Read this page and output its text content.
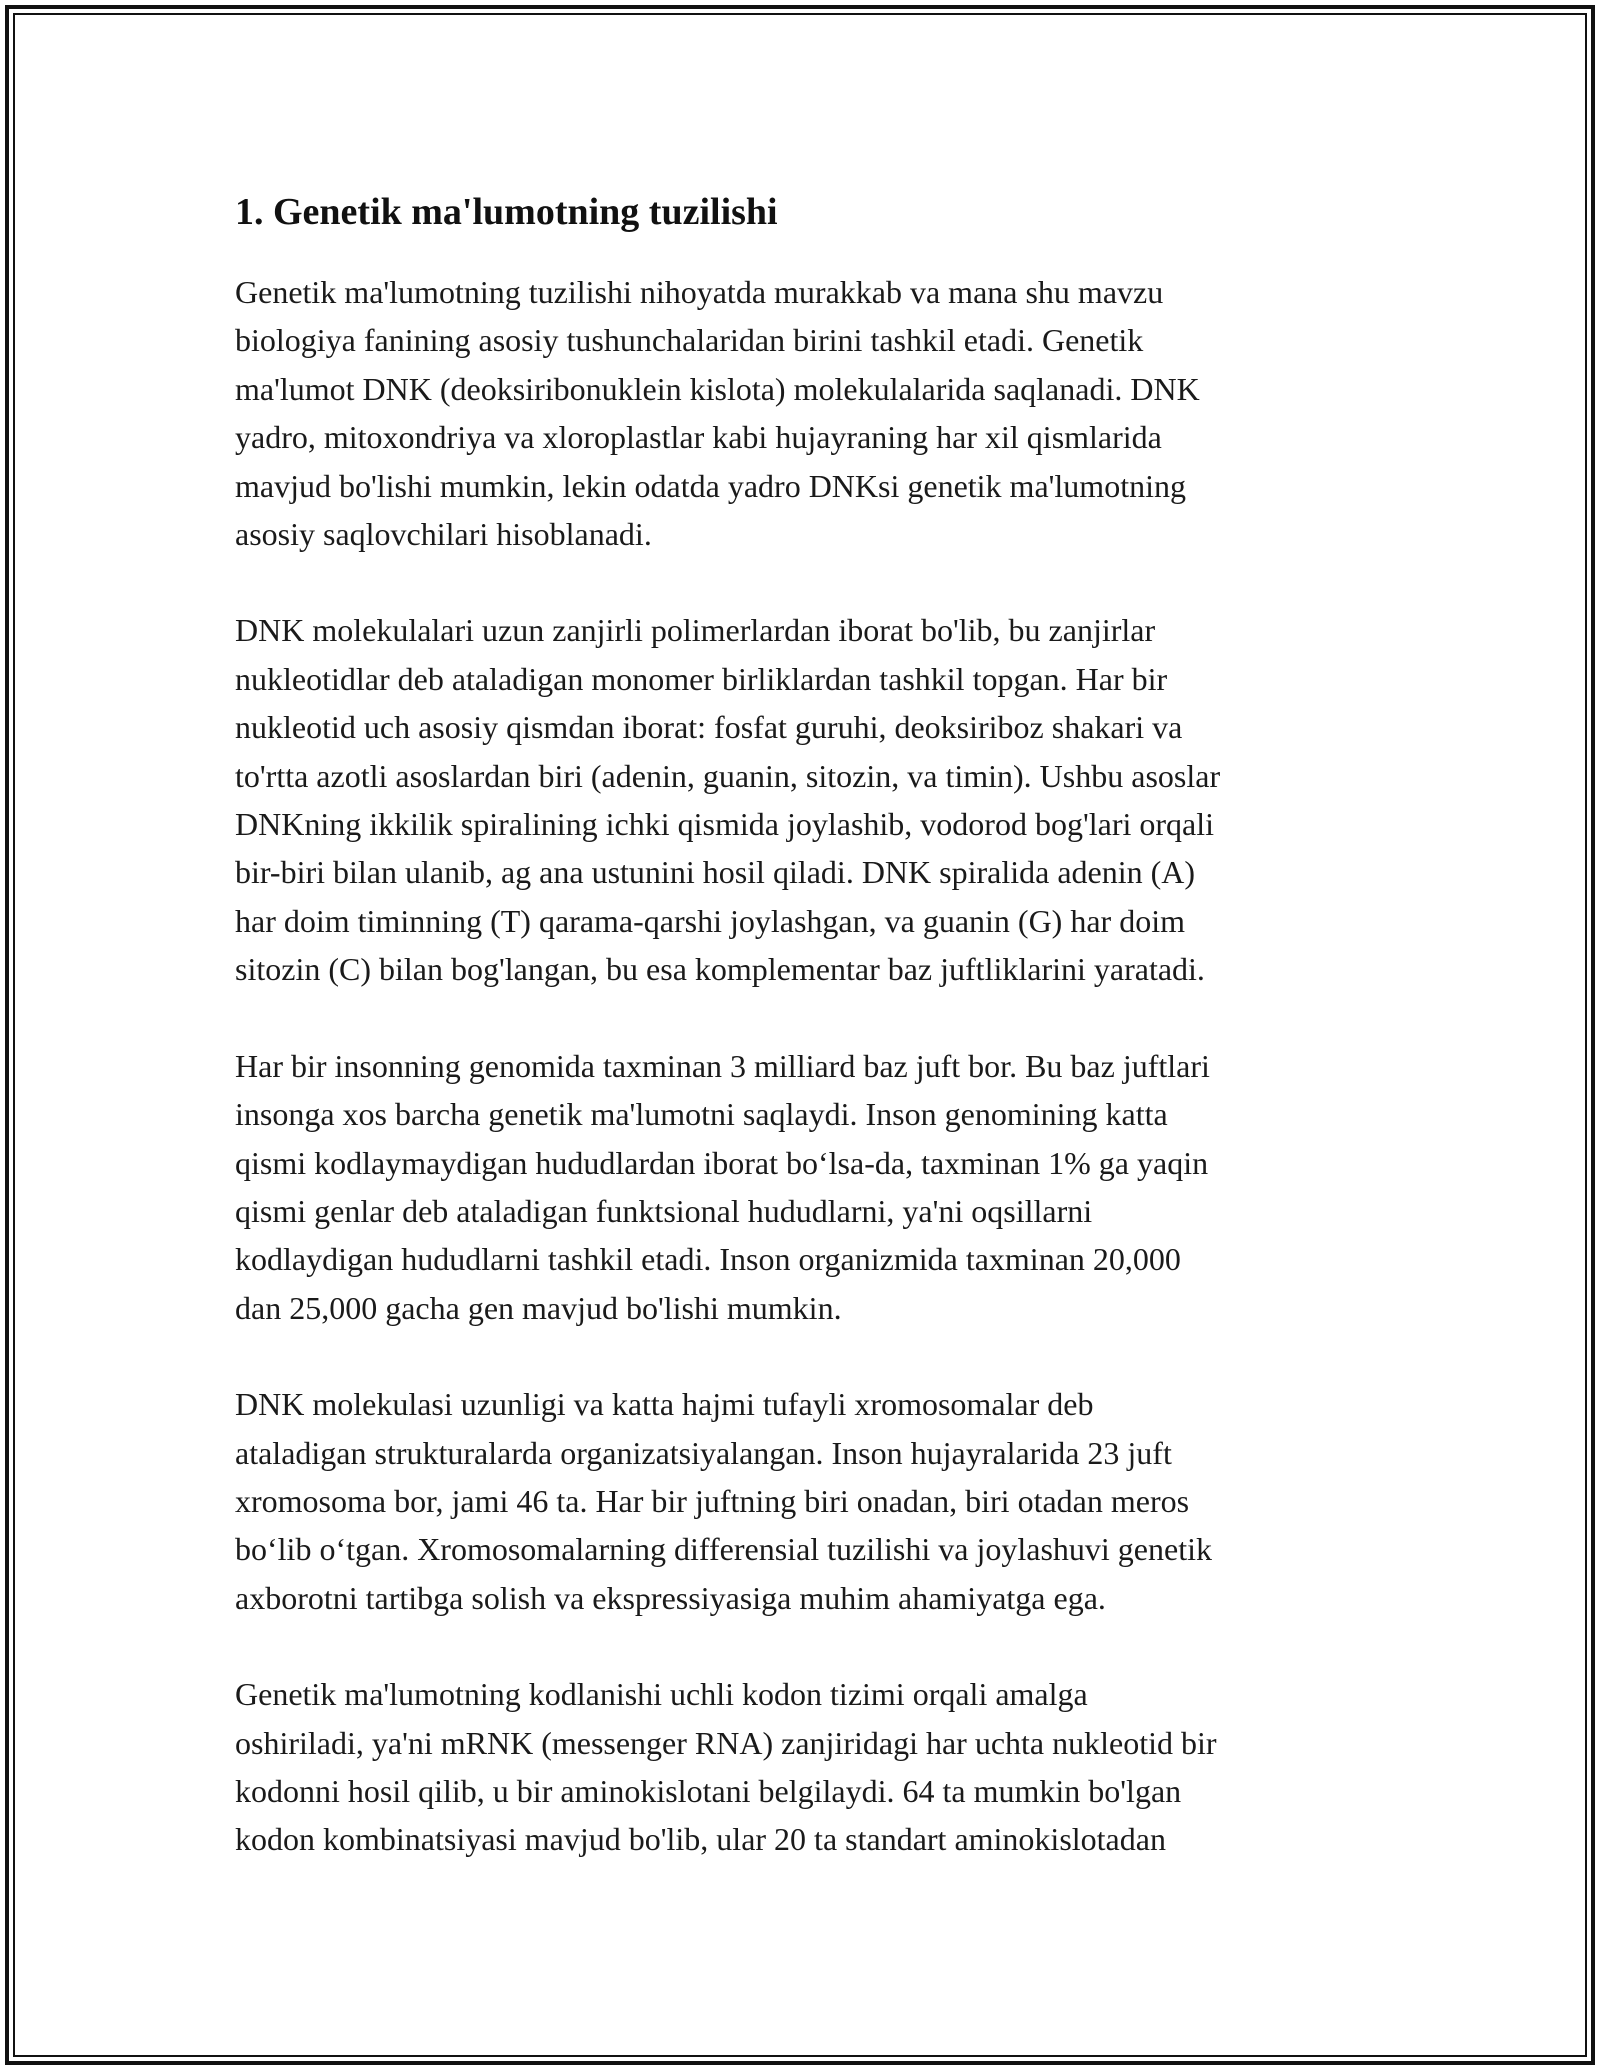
1. Genetik ma'lumotning tuzilishi

Genetik ma'lumotning tuzilishi nihoyatda murakkab va mana shu mavzu
biologiya fanining asosiy tushunchalaridan birini tashkil etadi. Genetik
ma'lumot DNK (deoksiribonuklein kislota) molekulalarida saqlanadi. DNK
yadro, mitoxondriya va xloroplastlar kabi hujayraning har xil qismlarida
mavjud bo'lishi mumkin, lekin odatda yadro DNKsi genetik ma'lumotning
asosiy saqlovchilari hisoblanadi.

DNK molekulalari uzun zanjirli polimerlardan iborat bo'lib, bu zanjirlar
nukleotidlar deb ataladigan monomer birliklardan tashkil topgan. Har bir
nukleotid uch asosiy qismdan iborat: fosfat guruhi, deoksiriboz shakari va
to'rtta azotli asoslardan biri (adenin, guanin, sitozin, va timin). Ushbu asoslar
DNKning ikkilik spiralining ichki qismida joylashib, vodorod bog'lari orqali
bir-biri bilan ulanib, ag ana ustunini hosil qiladi. DNK spiralida adenin (A)
har doim timinning (T) qarama-qarshi joylashgan, va guanin (G) har doim
sitozin (C) bilan bog'langan, bu esa komplementar baz juftliklarini yaratadi.

Har bir insonning genomida taxminan 3 milliard baz juft bor. Bu baz juftlari
insonga xos barcha genetik ma'lumotni saqlaydi. Inson genomining katta
qismi kodlaymaydigan hududlardan iborat bo‘lsa-da, taxminan 1% ga yaqin
qismi genlar deb ataladigan funktsional hududlarni, ya'ni oqsillarni
kodlaydigan hududlarni tashkil etadi. Inson organizmida taxminan 20,000
dan 25,000 gacha gen mavjud bo'lishi mumkin.

DNK molekulasi uzunligi va katta hajmi tufayli xromosomalar deb
ataladigan strukturalarda organizatsiyalangan. Inson hujayralarida 23 juft
xromosoma bor, jami 46 ta. Har bir juftning biri onadan, biri otadan meros
bo‘lib o‘tgan. Xromosomalarning differensial tuzilishi va joylashuvi genetik
axborotni tartibga solish va ekspressiyasiga muhim ahamiyatga ega.

Genetik ma'lumotning kodlanishi uchli kodon tizimi orqali amalga
oshiriladi, ya'ni mRNK (messenger RNA) zanjiridagi har uchta nukleotid bir
kodonni hosil qilib, u bir aminokislotani belgilaydi. 64 ta mumkin bo'lgan
kodon kombinatsiyasi mavjud bo'lib, ular 20 ta standart aminokislotadan
